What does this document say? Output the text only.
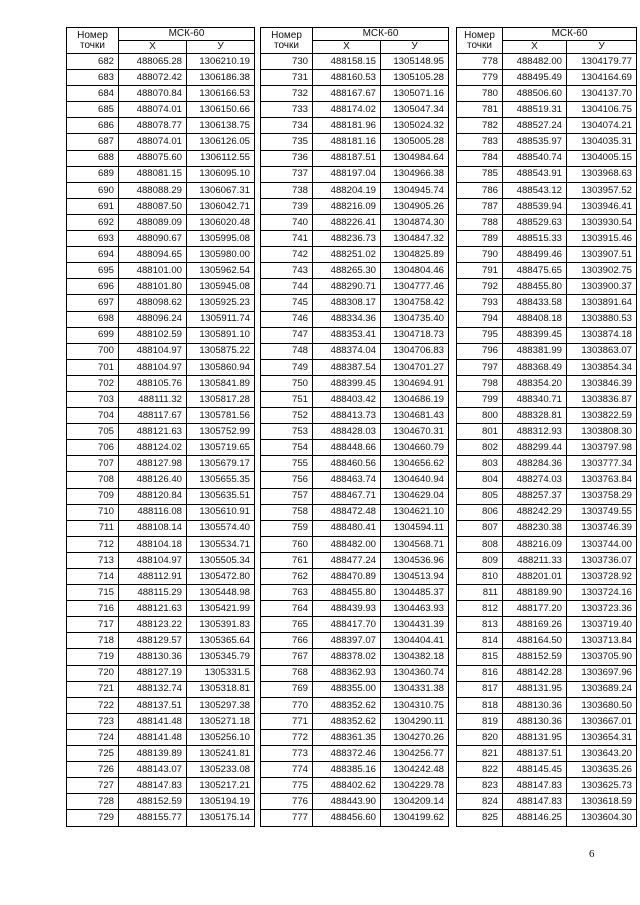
Номер
точки	МСК-60	
	X	У
682	488065.28	1306210.19
683	488072.42	1306186.38
684	488070.84	1306166.53
685	488074.01	1306150.66
686	488078.77	1306138.75
687	488074.01	1306126.05
688	488075.60	1306112.55
689	488081.15	1306095.10
690	488088.29	1306067.31
691	488087.50	1306042.71
692	488089.09	1306020.48
693	488090.67	1305995.08
694	488094.65	1305980.00
695	488101.00	1305962.54
696	488101.80	1305945.08
697	488098.62	1305925.23
698	488096.24	1305911.74
699	488102.59	1305891.10
700	488104.97	1305875.22
701	488104.97	1305860.94
702	488105.76	1305841.89
703	488111.32	1305817.28
704	488117.67	1305781.56
705	488121.63	1305752.99
706	488124.02	1305719.65
707	488127.98	1305679.17
708	488126.40	1305655.35
709	488120.84	1305635.51
710	488116.08	1305610.91
711	488108.14	1305574.40
712	488104.18	1305534.71
713	488104.97	1305505.34
714	488112.91	1305472.80
715	488115.29	1305448.98
716	488121.63	1305421.99
717	488123.22	1305391.83
718	488129.57	1305365.64
719	488130.36	1305345.79
720	488127.19	1305331.5
721	488132.74	1305318.81
722	488137.51	1305297.38
723	488141.48	1305271.18
724	488141.48	1305256.10
725	488139.89	1305241.81
726	488143.07	1305233.08
727	488147.83	1305217.21
728	488152.59	1305194.19
729	488155.77	1305175.14
Номер
точки	МСК-60	
	X	У
730	488158.15	1305148.95
731	488160.53	1305105.28
732	488167.67	1305071.16
733	488174.02	1305047.34
734	488181.96	1305024.32
735	488181.16	1305005.28
736	488187.51	1304984.64
737	488197.04	1304966.38
738	488204.19	1304945.74
739	488216.09	1304905.26
740	488226.41	1304874.30
741	488236.73	1304847.32
742	488251.02	1304825.89
743	488265.30	1304804.46
744	488290.71	1304777.46
745	488308.17	1304758.42
746	488334.36	1304735.40
747	488353.41	1304718.73
748	488374.04	1304706.83
749	488387.54	1304701.27
750	488399.45	1304694.91
751	488403.42	1304686.19
752	488413.73	1304681.43
753	488428.03	1304670.31
754	488448.66	1304660.79
755	488460.56	1304656.62
756	488463.74	1304640.94
757	488467.71	1304629.04
758	488472.48	1304621.10
759	488480.41	1304594.11
760	488482.00	1304568.71
761	488477.24	1304536.96
762	488470.89	1304513.94
763	488455.80	1304485.37
764	488439.93	1304463.93
765	488417.70	1304431.39
766	488397.07	1304404.41
767	488378.02	1304382.18
768	488362.93	1304360.74
769	488355.00	1304331.38
770	488352.62	1304310.75
771	488352.62	1304290.11
772	488361.35	1304270.26
773	488372.46	1304256.77
774	488385.16	1304242.48
775	488402.62	1304229.78
776	488443.90	1304209.14
777	488456.60	1304199.62
Номер
точки	МСК-60	
	X	У
778	488482.00	1304179.77
779	488495.49	1304164.69
780	488506.60	1304137.70
781	488519.31	1304106.75
782	488527.24	1304074.21
783	488535.97	1304035.31
784	488540.74	1304005.15
785	488543.91	1303968.63
786	488543.12	1303957.52
787	488539.94	1303946.41
788	488529.63	1303930.54
789	488515.33	1303915.46
790	488499.46	1303907.51
791	488475.65	1303902.75
792	488455.80	1303900.37
793	488433.58	1303891.64
794	488408.18	1303880.53
795	488399.45	1303874.18
796	488381.99	1303863.07
797	488368.49	1303854.34
798	488354.20	1303846.39
799	488340.71	1303836.87
800	488328.81	1303822.59
801	488312.93	1303808.30
802	488299.44	1303797.98
803	488284.36	1303777.34
804	488274.03	1303763.84
805	488257.37	1303758.29
806	488242.29	1303749.55
807	488230.38	1303746.39
808	488216.09	1303744.00
809	488211.33	1303736.07
810	488201.01	1303728.92
811	488189.90	1303724.16
812	488177.20	1303723.36
813	488169.26	1303719.40
814	488164.50	1303713.84
815	488152.59	1303705.90
816	488142.28	1303697.96
817	488131.95	1303689.24
818	488130.36	1303680.50
819	488130.36	1303667.01
820	488131.95	1303654.31
821	488137.51	1303643.20
822	488145.45	1303635.26
823	488147.83	1303625.73
824	488147.83	1303618.59
825	488146.25	1303604.30
6
